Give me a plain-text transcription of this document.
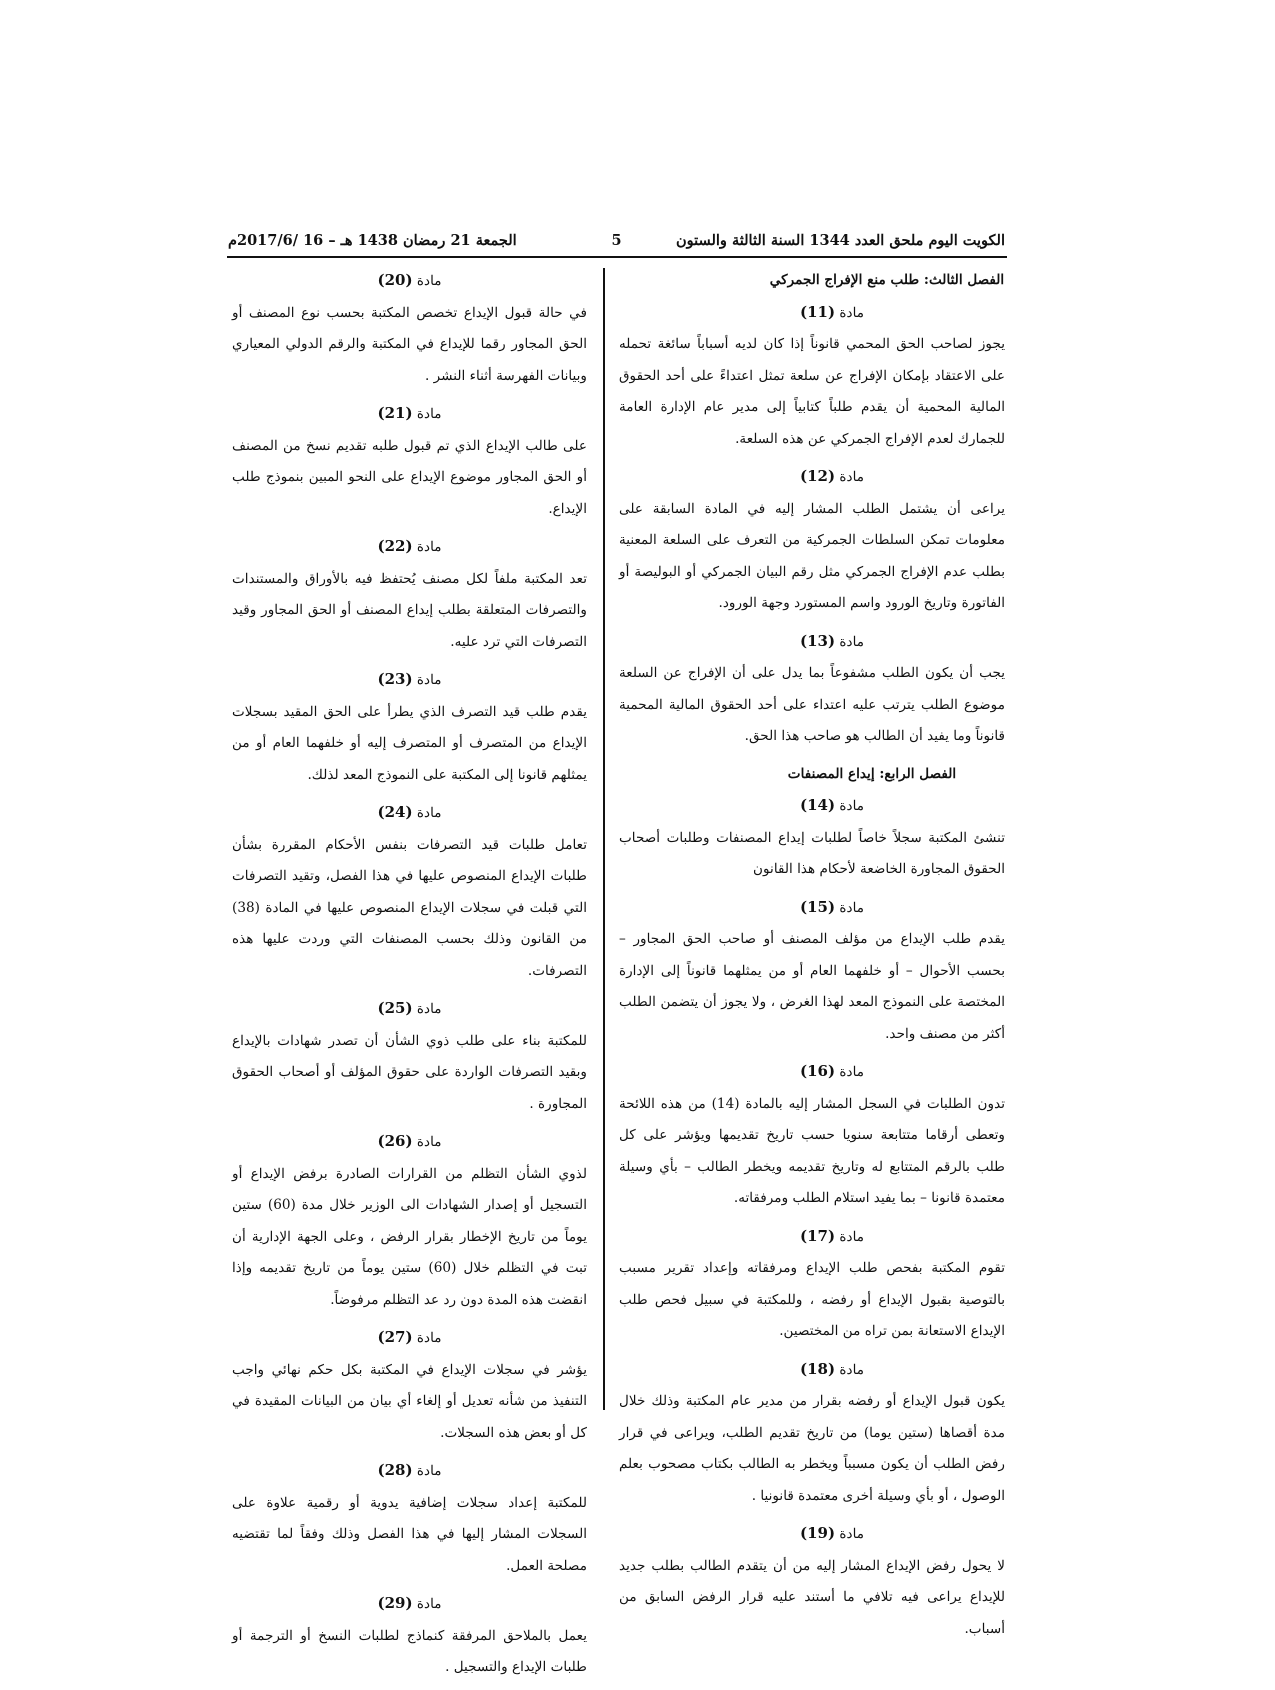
الكويت اليوم ملحق العدد 1344 السنة الثالثة والستون
5
الجمعة 21 رمضان 1438 هـ – 16 /2017/6م

الفصل الثالث: طلب منع الإفراج الجمركي

مادة (11)

يجوز لصاحب الحق المحمي قانوناً إذا كان لديه أسباباً سائغة تحمله على الاعتقاد بإمكان الإفراج عن سلعة تمثل اعتداءً على أحد الحقوق المالية المحمية أن يقدم طلباً كتابياً إلى مدير عام الإدارة العامة للجمارك لعدم الإفراج الجمركي عن هذه السلعة.

مادة (12)

يراعى أن يشتمل الطلب المشار إليه في المادة السابقة على معلومات تمكن السلطات الجمركية من التعرف على السلعة المعنية بطلب عدم الإفراج الجمركي مثل رقم البيان الجمركي أو البوليصة أو الفاتورة وتاريخ الورود واسم المستورد وجهة الورود.

مادة (13)

يجب أن يكون الطلب مشفوعاً بما يدل على أن الإفراج عن السلعة موضوع الطلب يترتب عليه اعتداء على أحد الحقوق المالية المحمية قانوناً وما يفيد أن الطالب هو صاحب هذا الحق.

الفصل الرابع: إيداع المصنفات

مادة (14)

تنشئ المكتبة سجلاً خاصاً لطلبات إيداع المصنفات وطلبات أصحاب الحقوق المجاورة الخاضعة لأحكام هذا القانون

مادة (15)

يقدم طلب الإيداع من مؤلف المصنف أو صاحب الحق المجاور – بحسب الأحوال – أو خلفهما العام أو من يمثلهما قانوناً إلى الإدارة المختصة على النموذج المعد لهذا الغرض ، ولا يجوز أن يتضمن الطلب أكثر من مصنف واحد.

مادة (16)

تدون الطلبات في السجل المشار إليه بالمادة (14) من هذه اللائحة وتعطى أرقاما متتابعة سنويا حسب تاريخ تقديمها ويؤشر على كل طلب بالرقم المتتابع له وتاريخ تقديمه ويخطر الطالب – بأي وسيلة معتمدة قانونا – بما يفيد استلام الطلب ومرفقاته.

مادة (17)

تقوم المكتبة بفحص طلب الإيداع ومرفقاته وإعداد تقرير مسبب بالتوصية بقبول الإيداع أو رفضه ، وللمكتبة في سبيل فحص طلب الإيداع الاستعانة بمن تراه من المختصين.

مادة (18)

يكون قبول الإيداع أو رفضه بقرار من مدير عام المكتبة وذلك خلال مدة أقصاها (ستين يوما) من تاريخ تقديم الطلب، ويراعى في قرار رفض الطلب أن يكون مسبباً ويخطر به الطالب بكتاب مصحوب بعلم الوصول ، أو بأي وسيلة أخرى معتمدة قانونيا .

مادة (19)

لا يحول رفض الإيداع المشار إليه من أن يتقدم الطالب بطلب جديد للإيداع يراعى فيه تلافي ما أستند عليه قرار الرفض السابق من أسباب.

مادة (20)

في حالة قبول الإيداع تخصص المكتبة بحسب نوع المصنف أو الحق المجاور رقما للإيداع في المكتبة والرقم الدولي المعياري وبيانات الفهرسة أثناء النشر .

مادة (21)

على طالب الإيداع الذي تم قبول طلبه تقديم نسخ من المصنف أو الحق المجاور موضوع الإيداع على النحو المبين بنموذج طلب الإيداع.

مادة (22)

تعد المكتبة ملفاً لكل مصنف يُحتفظ فيه بالأوراق والمستندات والتصرفات المتعلقة بطلب إيداع المصنف أو الحق المجاور وقيد التصرفات التي ترد عليه.

مادة (23)

يقدم طلب قيد التصرف الذي يطرأ على الحق المقيد بسجلات الإيداع من المتصرف أو المتصرف إليه أو خلفهما العام أو من يمثلهم قانونا إلى المكتبة على النموذج المعد لذلك.

مادة (24)

تعامل طلبات قيد التصرفات بنفس الأحكام المقررة بشأن طلبات الإيداع المنصوص عليها في هذا الفصل، وتقيد التصرفات التي قبلت في سجلات الإيداع المنصوص عليها في المادة (38) من القانون وذلك بحسب المصنفات التي وردت عليها هذه التصرفات.

مادة (25)

للمكتبة بناء على طلب ذوي الشأن أن تصدر شهادات بالإيداع وبقيد التصرفات الواردة على حقوق المؤلف أو أصحاب الحقوق المجاورة .

مادة (26)

لذوي الشأن التظلم من القرارات الصادرة برفض الإيداع أو التسجيل أو إصدار الشهادات الى الوزير خلال مدة (60) ستين يوماً من تاريخ الإخطار بقرار الرفض ، وعلى الجهة الإدارية أن تبت في التظلم خلال (60) ستين يوماً من تاريخ تقديمه وإذا انقضت هذه المدة دون رد عد التظلم مرفوضاً.

مادة (27)

يؤشر في سجلات الإيداع في المكتبة بكل حكم نهائي واجب التنفيذ من شأنه تعديل أو إلغاء أي بيان من البيانات المقيدة في كل أو بعض هذه السجلات.

مادة (28)

للمكتبة إعداد سجلات إضافية يدوية أو رقمية علاوة على السجلات المشار إليها في هذا الفصل وذلك وفقاً لما تقتضيه مصلحة العمل.

مادة (29)

يعمل بالملاحق المرفقة كنماذج لطلبات النسخ أو الترجمة أو طلبات الإيداع والتسجيل .
